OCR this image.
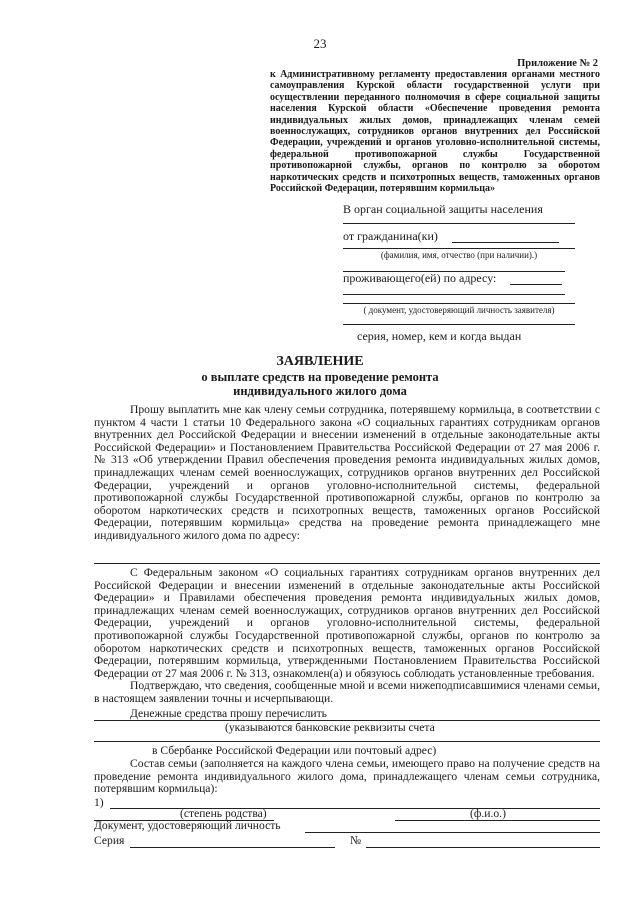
23
Приложение № 2
к Административному регламенту предоставления органами местного самоуправления Курской области государственной услуги при осуществлении переданного полномочия в сфере социальной защиты населения Курской области «Обеспечение проведения ремонта индивидуальных жилых домов, принадлежащих членам семей военнослужащих, сотрудников органов внутренних дел Российской Федерации, учреждений и органов уголовно-исполнительной системы, федеральной противопожарной службы Государственной противопожарной службы, органов по контролю за оборотом наркотических средств и психотропных веществ, таможенных органов Российской Федерации, потерявшим кормильца»
В орган социальной защиты населения
от гражданина(ки)
(фамилия, имя, отчество (при наличии).)
проживающего(ей) по адресу:
( документ, удостоверяющий личность заявителя)
серия, номер, кем и когда выдан
ЗАЯВЛЕНИЕ
о выплате средств на проведение ремонта
индивидуального жилого дома

Прошу выплатить мне как члену семьи сотрудника, потерявшему кормильца, в соответствии с пунктом 4 части 1 статьи 10 Федерального закона «О социальных гарантиях сотрудникам органов внутренних дел Российской Федерации и внесении изменений в отдельные законодательные акты Российской Федерации» и Постановлением Правительства Российской Федерации от 27 мая 2006 г. № 313 «Об утверждении Правил обеспечения проведения ремонта индивидуальных жилых домов, принадлежащих членам семей военнослужащих, сотрудников органов внутренних дел Российской Федерации, учреждений и органов уголовно-исполнительной системы, федеральной противопожарной службы Государственной противопожарной службы, органов по контролю за оборотом наркотических средств и психотропных веществ, таможенных органов Российской Федерации, потерявшим кормильца» средства на проведение ремонта принадлежащего мне индивидуального жилого дома по адресу:

С Федеральным законом «О социальных гарантиях сотрудникам органов внутренних дел Российской Федерации и внесении изменений в отдельные законодательные акты Российской Федерации» и Правилами обеспечения проведения ремонта индивидуальных жилых домов, принадлежащих членам семей военнослужащих, сотрудников органов внутренних дел Российской Федерации, учреждений и органов уголовно-исполнительной системы, федеральной противопожарной службы Государственной противопожарной службы, органов по контролю за оборотом наркотических средств и психотропных веществ, таможенных органов Российской Федерации, потерявшим кормильца, утвержденными Постановлением Правительства Российской Федерации от 27 мая 2006 г. № 313, ознакомлен(а) и обязуюсь соблюдать установленные требования.

Подтверждаю, что сведения, сообщенные мной и всеми нижеподписавшимися членами семьи, в настоящем заявлении точны и исчерпывающи.

Денежные средства прошу перечислить
(указываются банковские реквизиты счета
в Сбербанке Российской Федерации или почтовый адрес)

Состав семьи (заполняется на каждого члена семьи, имеющего право на получение средств на проведение ремонта индивидуального жилого дома, принадлежащего членам семьи сотрудника, потерявшим кормильца):

1)
(степень родства)	(ф.и.о.)
Документ, удостоверяющий личность
Серия	№
